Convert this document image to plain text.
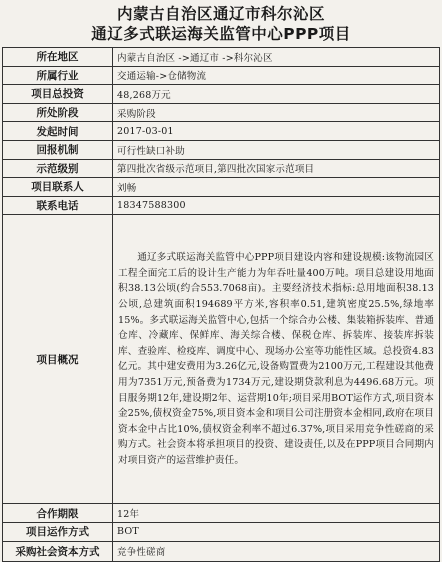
内蒙古自治区通辽市科尔沁区
通辽多式联运海关监管中心PPP项目
所在地区	内蒙古自治区 ->通辽市 ->科尔沁区
所属行业	交通运输->仓储物流
项目总投资	48,268万元
所处阶段	采购阶段
发起时间	2017-03-01
回报机制	可行性缺口补助
示范级别	第四批次省级示范项目,第四批次国家示范项目
项目联系人	刘畅
联系电话	18347588300
项目概况	通辽多式联运海关监管中心PPP项目建设内容和建设规模:该物流园区工程全面完工后的设计生产能力为年吞吐量400万吨。项目总建设用地面积38.13公顷(约合553.7068亩)。主要经济技术指标:总用地面积38.13公顷,总建筑面积194689平方米,容积率0.51,建筑密度25.5%,绿地率15%。多式联运海关监管中心,包括一个综合办公楼、集装箱拆装库、普通仓库、冷藏库、保鲜库、海关综合楼、保税仓库、拆装库、接装库拆装库、查验库、检疫库、调度中心、现场办公室等功能性区域。总投资4.83亿元。其中建安费用为3.26亿元,设备购置费为2100万元,工程建设其他费用为7351万元,预备费为1734万元,建设期贷款利息为4496.68万元。项目服务期12年,建设期2年、运营期10年;项目采用BOT运作方式,项目资本金25%,债权资金75%,项目资本金和项目公司注册资本金相同,政府在项目资本金中占比10%,债权资金利率不超过6.37%,项目采用竞争性磋商的采购方式。社会资本将承担项目的投资、建设责任,以及在PPP项目合同期内对项目资产的运营维护责任。
合作期限	12年
项目运作方式	BOT
采购社会资本方式	竞争性磋商
